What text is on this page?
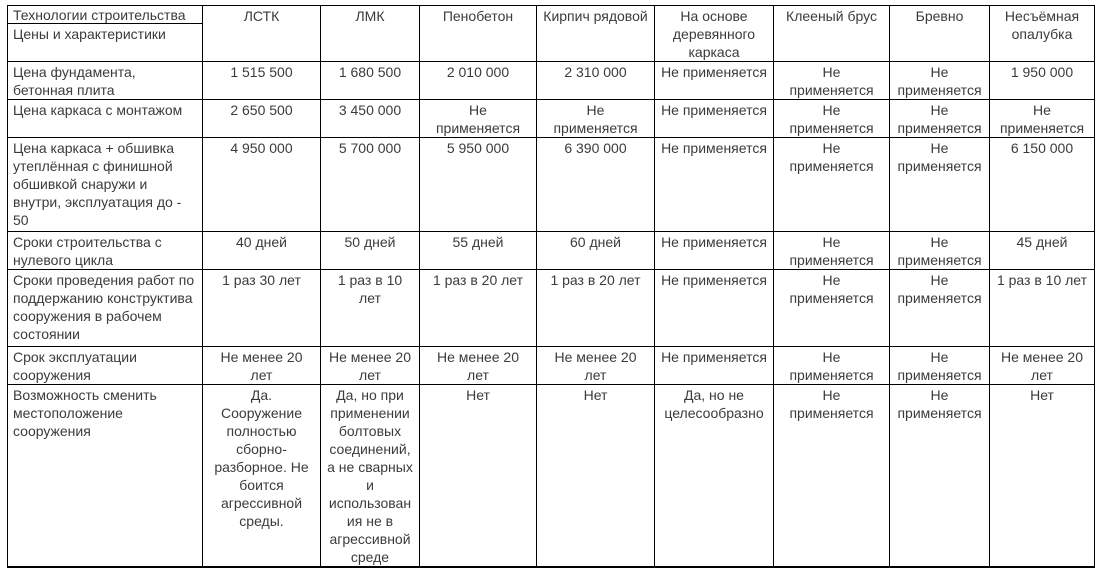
Технологии строительства
Цены и характеристики	ЛСТК	ЛМК	Пенобетон	Кирпич рядовой	На основе деревянного каркаса	Клееный брус	Бревно	Несъёмная опалубка
Цена фундамента, бетонная плита	1 515 500	1 680 500	2 010 000	2 310 000	Не применяется	Не применяется	Не применяется	1 950 000
Цена каркаса с монтажом	2 650 500	3 450 000	Не применяется	Не применяется	Не применяется	Не применяется	Не применяется	Не применяется
Цена каркаса + обшивка утеплённая с финишной обшивкой снаружи и внутри, эксплуатация до - 50	4 950 000	5 700 000	5 950 000	6 390 000	Не применяется	Не применяется	Не применяется	6 150 000
Сроки строительства с нулевого цикла	40 дней	50 дней	55 дней	60 дней	Не применяется	Не применяется	Не применяется	45 дней
Сроки проведения работ по поддержанию конструктива сооружения в рабочем состоянии	1 раз 30 лет	1 раз в 10 лет	1 раз в 20 лет	1 раз в 20 лет	Не применяется	Не применяется	Не применяется	1 раз в 10 лет
Срок эксплуатации сооружения	Не менее 20 лет	Не менее 20 лет	Не менее 20 лет	Не менее 20 лет	Не применяется	Не применяется	Не применяется	Не менее 20 лет
Возможность сменить местоположение сооружения	Да. Сооружение полностью сборно-разборное. Не боится агрессивной среды.	Да, но при применении болтовых соединений, а не сварных и использования не в агрессивной среде	Нет	Нет	Да, но не целесообразно	Не применяется	Не применяется	Нет
